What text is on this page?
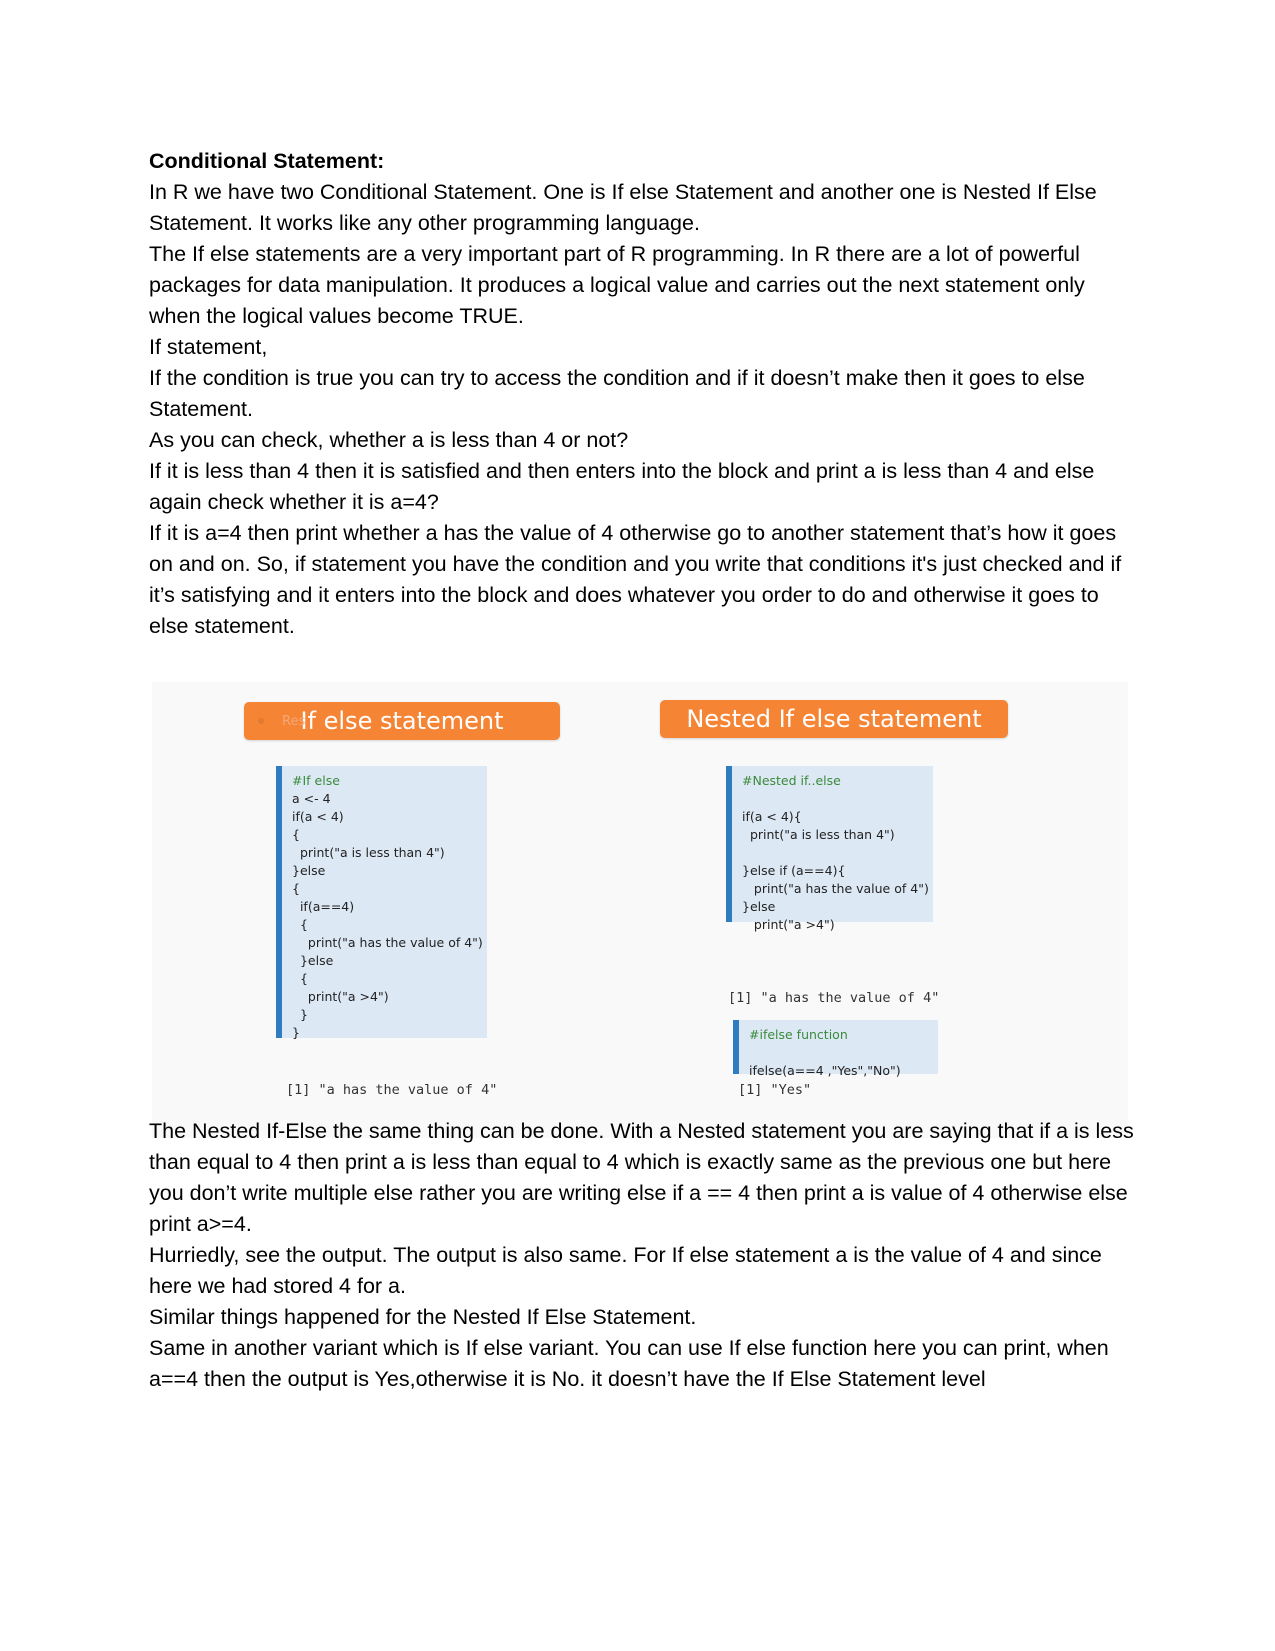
Conditional Statement:

In R we have two Conditional Statement. One is If else Statement and another one is Nested If Else Statement. It works like any other programming language.

The If else statements are a very important part of R programming. In R there are a lot of powerful packages for data manipulation. It produces a logical value and carries out the next statement only when the logical values become TRUE.

If statement,

If the condition is true you can try to access the condition and if it doesn’t make then it goes to else Statement.

As you can check, whether a is less than 4 or not?

If it is less than 4 then it is satisfied and then enters into the block and print a is less than 4 and else again check whether it is a=4?

If it is a=4 then print whether a has the value of 4 otherwise go to another statement that’s how it goes on and on. So, if statement you have the condition and you write that conditions it's just checked and if it’s satisfying and it enters into the block and does whatever you order to do and otherwise it goes to else statement.

Res
If else statement
#If else
a <- 4
if(a < 4)
{
print("a is less than 4")
}else
{
if(a==4)
{
print("a has the value of 4")
}else
{
print("a >4")
}
}
[1] "a has the value of 4"
Nested If else statement
#Nested if..else
if(a < 4){
print("a is less than 4")
}else if (a==4){
print("a has the value of 4")
}else
print("a >4")
[1] "a has the value of 4"
#ifelse function
ifelse(a==4 ,"Yes","No")
[1] "Yes"

The Nested If-Else the same thing can be done. With a Nested statement you are saying that if a is less than equal to 4 then print a is less than equal to 4 which is exactly same as the previous one but here you don’t write multiple else rather you are writing else if a == 4 then print a is value of 4 otherwise else print a>=4.

Hurriedly, see the output. The output is also same. For If else statement a is the value of 4 and since here we had stored 4 for a.

Similar things happened for the Nested If Else Statement.

Same in another variant which is If else variant. You can use If else function here you can print, when a==4 then the output is Yes,otherwise it is No. it doesn’t have the If Else Statement level
